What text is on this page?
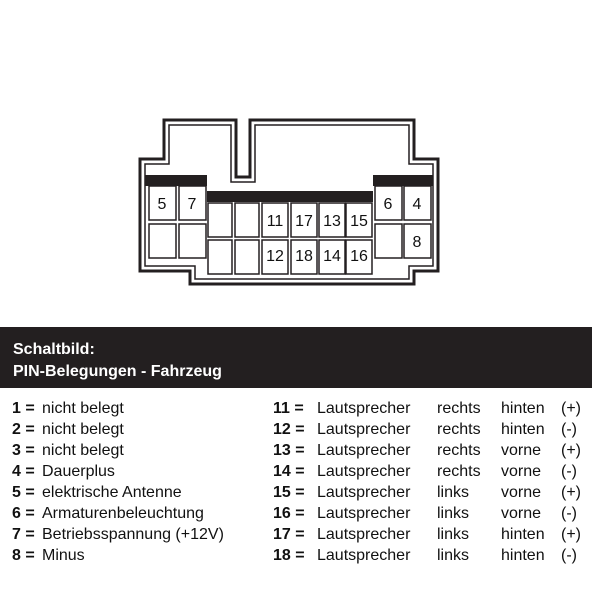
5 7
11 17 13 15
6 4
12 18 14 16
8
Schaltbild:
PIN-Belegungen - Fahrzeug
1 = nicht belegt
2 = nicht belegt
3 = nicht belegt
4 = Dauerplus
5 = elektrische Antenne
6 = Armaturenbeleuchtung
7 = Betriebsspannung (+12V)
8 = Minus
11 = Lautsprecher rechts hinten (+)
12 = Lautsprecher rechts hinten (-)
13 = Lautsprecher rechts vorne (+)
14 = Lautsprecher rechts vorne (-)
15 = Lautsprecher links vorne (+)
16 = Lautsprecher links vorne (-)
17 = Lautsprecher links hinten (+)
18 = Lautsprecher links hinten (-)
